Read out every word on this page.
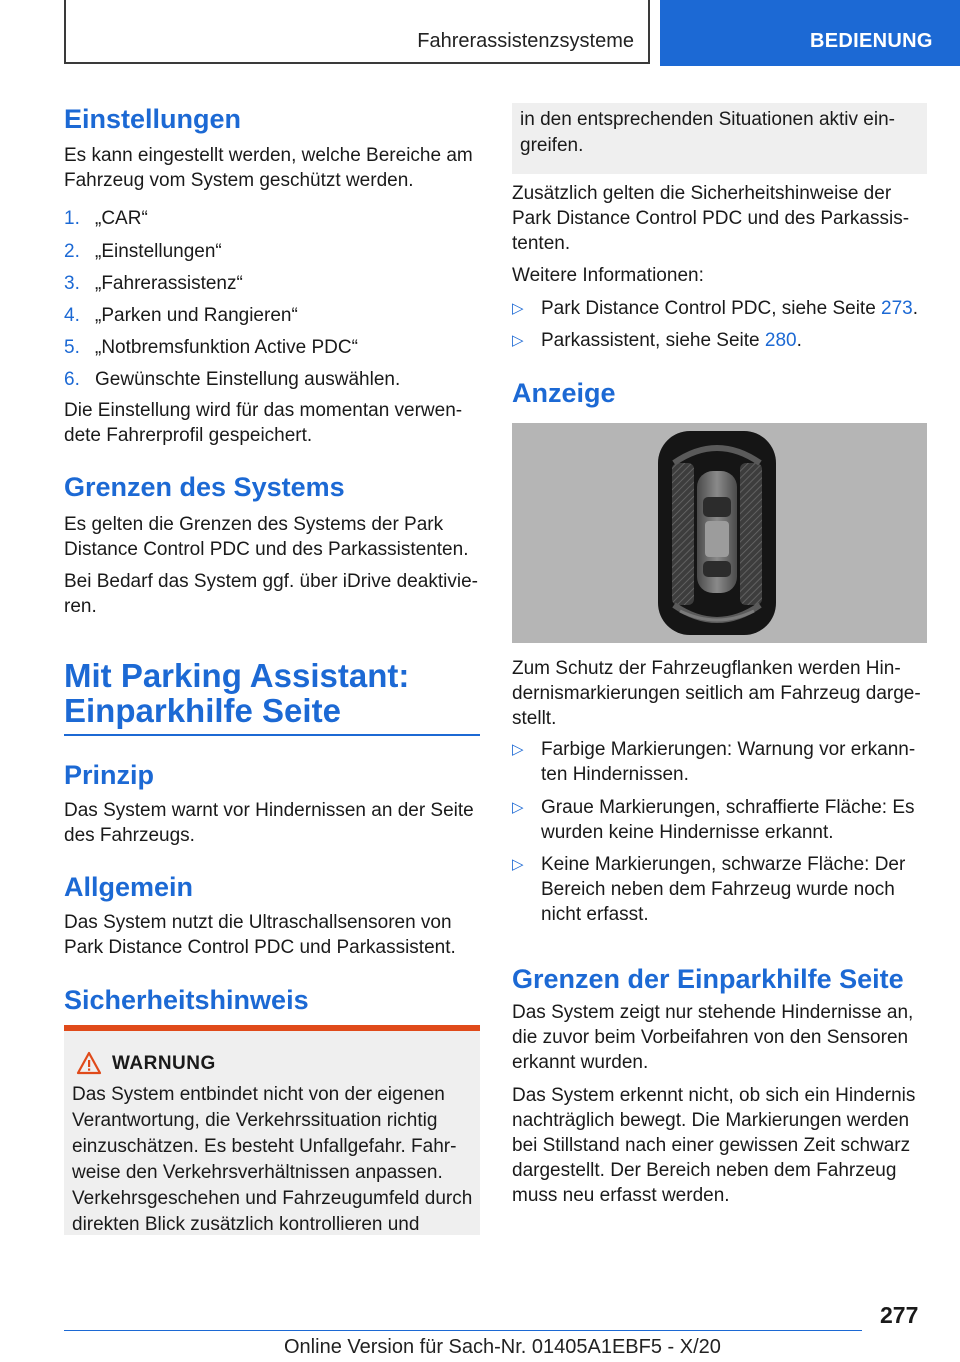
Fahrerassistenzsysteme	BEDIENUNG
Einstellungen
Es kann eingestellt werden, welche Bereiche am Fahrzeug vom System geschützt werden.
1. „CAR“
2. „Einstellungen“
3. „Fahrerassistenz“
4. „Parken und Rangieren“
5. „Notbremsfunktion Active PDC“
6. Gewünschte Einstellung auswählen.
Die Einstellung wird für das momentan verwendete Fahrerprofil gespeichert.
Grenzen des Systems
Es gelten die Grenzen des Systems der Park Distance Control PDC und des Parkassistenten.
Bei Bedarf das System ggf. über iDrive deaktivieren.
Mit Parking Assistant:
Einparkhilfe Seite
Prinzip
Das System warnt vor Hindernissen an der Seite des Fahrzeugs.
Allgemein
Das System nutzt die Ultraschallsensoren von Park Distance Control PDC und Parkassistent.
Sicherheitshinweis
WARNUNG
Das System entbindet nicht von der eigenen Verantwortung, die Verkehrssituation richtig einzuschätzen. Es besteht Unfallgefahr. Fahrweise den Verkehrsverhältnissen anpassen. Verkehrsgeschehen und Fahrzeugumfeld durch direkten Blick zusätzlich kontrollieren und
in den entsprechenden Situationen aktiv eingreifen.
Zusätzlich gelten die Sicherheitshinweise der Park Distance Control PDC und des Parkassistenten.
Weitere Informationen:
▷ Park Distance Control PDC, siehe Seite 273.
▷ Parkassistent, siehe Seite 280.
Anzeige
Zum Schutz der Fahrzeugflanken werden Hindernismarkierungen seitlich am Fahrzeug dargestellt.
▷ Farbige Markierungen: Warnung vor erkannten Hindernissen.
▷ Graue Markierungen, schraffierte Fläche: Es wurden keine Hindernisse erkannt.
▷ Keine Markierungen, schwarze Fläche: Der Bereich neben dem Fahrzeug wurde noch nicht erfasst.
Grenzen der Einparkhilfe Seite
Das System zeigt nur stehende Hindernisse an, die zuvor beim Vorbeifahren von den Sensoren erkannt wurden.
Das System erkennt nicht, ob sich ein Hindernis nachträglich bewegt. Die Markierungen werden bei Stillstand nach einer gewissen Zeit schwarz dargestellt. Der Bereich neben dem Fahrzeug muss neu erfasst werden.
277
Online Version für Sach-Nr. 01405A1EBF5 - X/20
